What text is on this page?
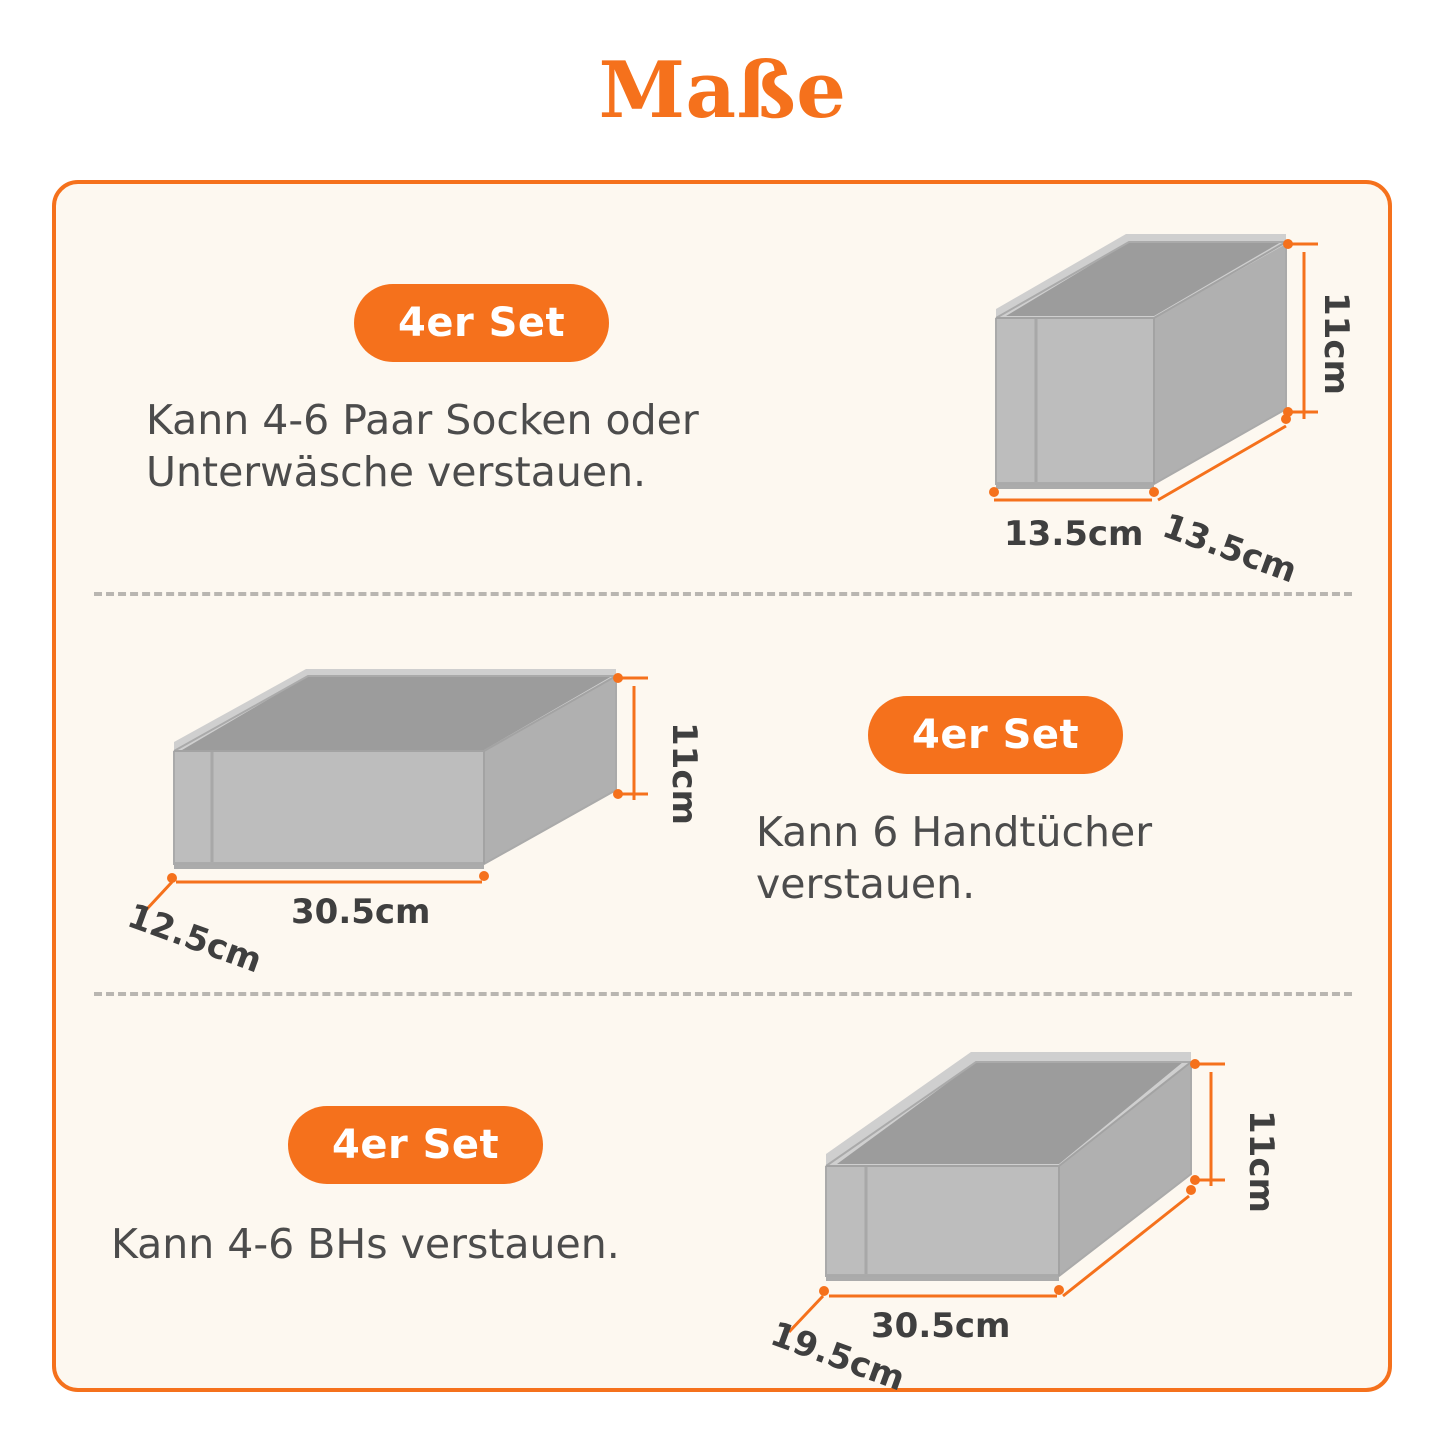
Maße
4er Set
Kann 4-6 Paar Socken oder Unterwäsche verstauen.
11cm
13.5cm 13.5cm
4er Set
Kann 6 Handtücher verstauen.
11cm
12.5cm 30.5cm
4er Set
Kann 4-6 BHs verstauen.
11cm
19.5cm
30.5cm
